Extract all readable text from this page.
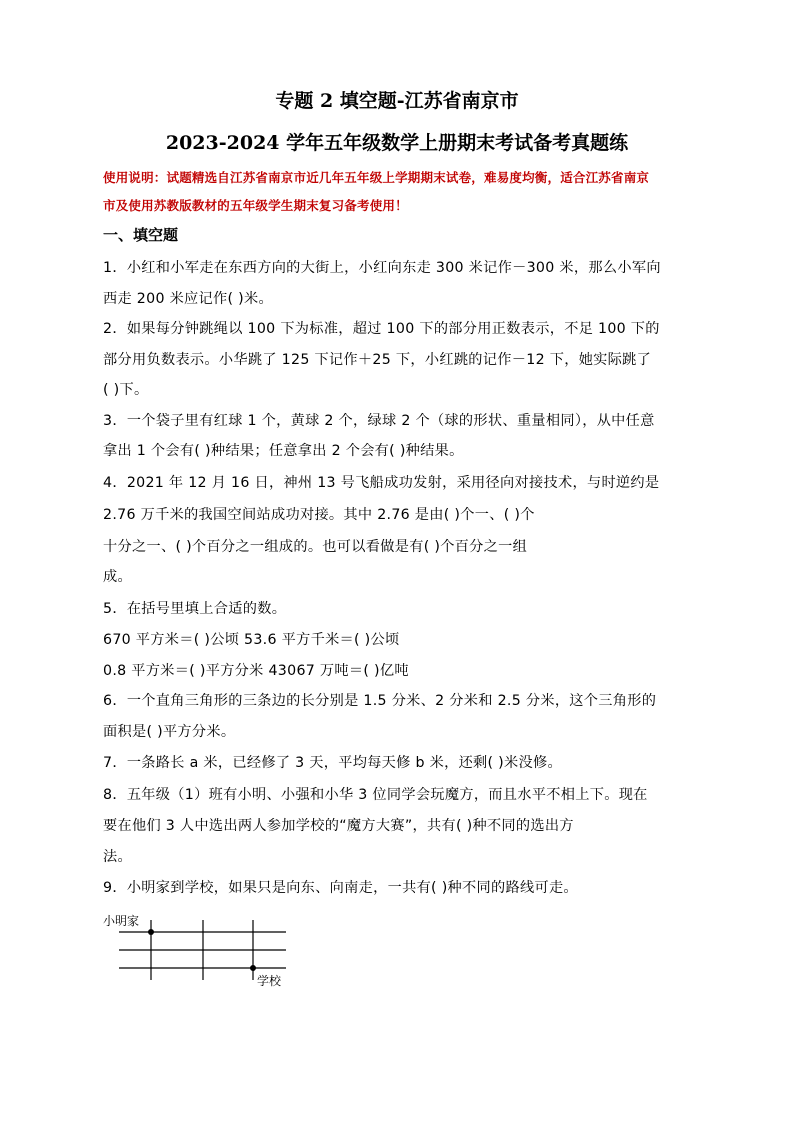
专题 2 填空题-江苏省南京市
2023-2024 学年五年级数学上册期末考试备考真题练
使用说明：试题精选自江苏省南京市近几年五年级上学期期末试卷，难易度均衡，适合江苏省南京
市及使用苏教版教材的五年级学生期末复习备考使用！
一、填空题
1．小红和小军走在东西方向的大街上，小红向东走 300 米记作－300 米，那么小军向
西走 200 米应记作( )米。
2．如果每分钟跳绳以 100 下为标准，超过 100 下的部分用正数表示，不足 100 下的
部分用负数表示。小华跳了 125 下记作＋25 下，小红跳的记作－12 下，她实际跳了
( )下。
3．一个袋子里有红球 1 个，黄球 2 个，绿球 2 个（球的形状、重量相同），从中任意
拿出 1 个会有( )种结果；任意拿出 2 个会有( )种结果。
4．2021 年 12 月 16 日，神州 13 号飞船成功发射，采用径向对接技术，与时逆约是
2.76 万千米的我国空间站成功对接。其中 2.76 是由( )个一、( )个
十分之一、( )个百分之一组成的。也可以看做是有( )个百分之一组
成。
5．在括号里填上合适的数。
670 平方米＝( )公顷 53.6 平方千米＝( )公顷
0.8 平方米＝( )平方分米 43067 万吨＝( )亿吨
6．一个直角三角形的三条边的长分别是 1.5 分米、2 分米和 2.5 分米，这个三角形的
面积是( )平方分米。
7．一条路长 a 米，已经修了 3 天，平均每天修 b 米，还剩( )米没修。
8．五年级（1）班有小明、小强和小华 3 位同学会玩魔方，而且水平不相上下。现在
要在他们 3 人中选出两人参加学校的“魔方大赛”，共有( )种不同的选出方
法。
9．小明家到学校，如果只是向东、向南走，一共有( )种不同的路线可走。
小明家
学校
